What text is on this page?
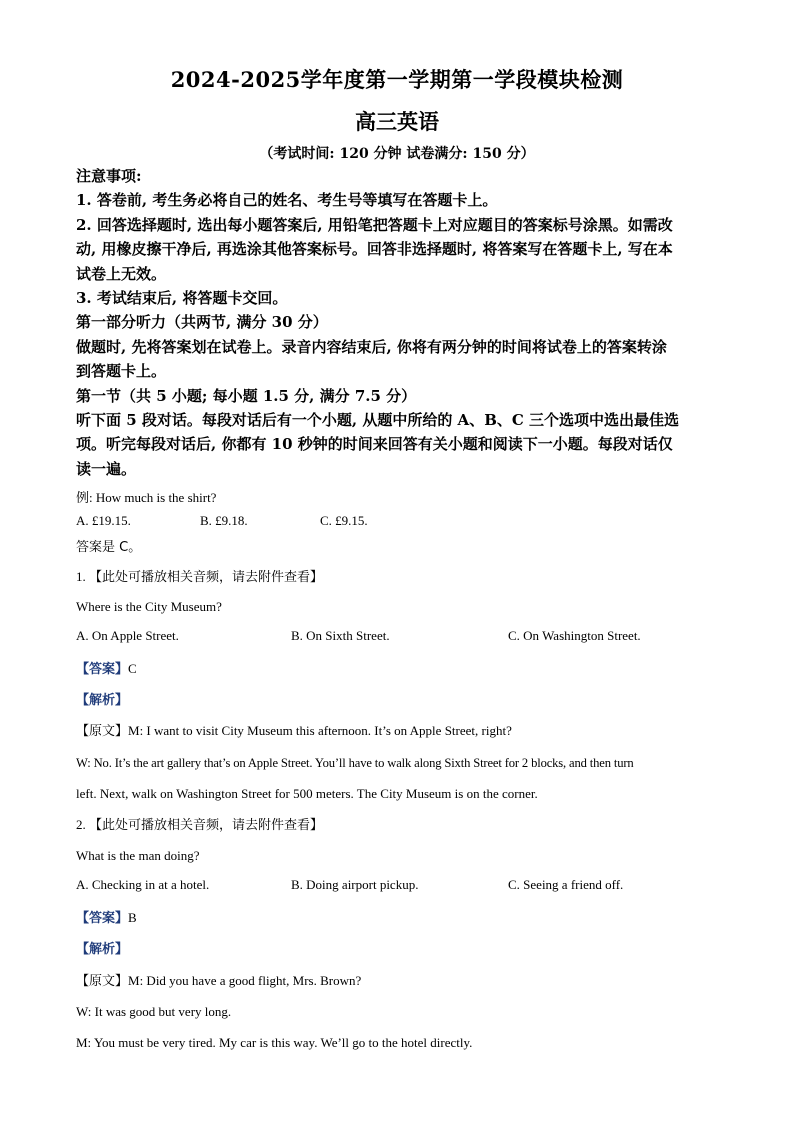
2024-2025学年度第一学期第一学段模块检测
高三英语
（考试时间: 120 分钟 试卷满分: 150 分）
注意事项:
1. 答卷前, 考生务必将自己的姓名、考生号等填写在答题卡上。
2. 回答选择题时, 选出每小题答案后, 用铅笔把答题卡上对应题目的答案标号涂黑。如需改
动, 用橡皮擦干净后, 再选涂其他答案标号。回答非选择题时, 将答案写在答题卡上, 写在本
试卷上无效。
3. 考试结束后, 将答题卡交回。
第一部分听力（共两节, 满分 30 分）
做题时, 先将答案划在试卷上。录音内容结束后, 你将有两分钟的时间将试卷上的答案转涂
到答题卡上。
第一节（共 5 小题; 每小题 1.5 分, 满分 7.5 分）
听下面 5 段对话。每段对话后有一个小题, 从题中所给的 A、B、C 三个选项中选出最佳选
项。听完每段对话后, 你都有 10 秒钟的时间来回答有关小题和阅读下一小题。每段对话仅
读一遍。
例: How much is the shirt?
A. £19.15.	B. £9.18.	C. £9.15.
答案是 C。
1. 【此处可播放相关音频，请去附件查看】
Where is the City Museum?
A. On Apple Street.	B. On Sixth Street.	C. On Washington Street.
【答案】C
【解析】
【原文】M: I want to visit City Museum this afternoon. It’s on Apple Street, right?
W: No. It’s the art gallery that’s on Apple Street. You’ll have to walk along Sixth Street for 2 blocks, and then turn
left. Next, walk on Washington Street for 500 meters. The City Museum is on the corner.
2. 【此处可播放相关音频，请去附件查看】
What is the man doing?
A. Checking in at a hotel.	B. Doing airport pickup.	C. Seeing a friend off.
【答案】B
【解析】
【原文】M: Did you have a good flight, Mrs. Brown?
W: It was good but very long.
M: You must be very tired. My car is this way. We’ll go to the hotel directly.
